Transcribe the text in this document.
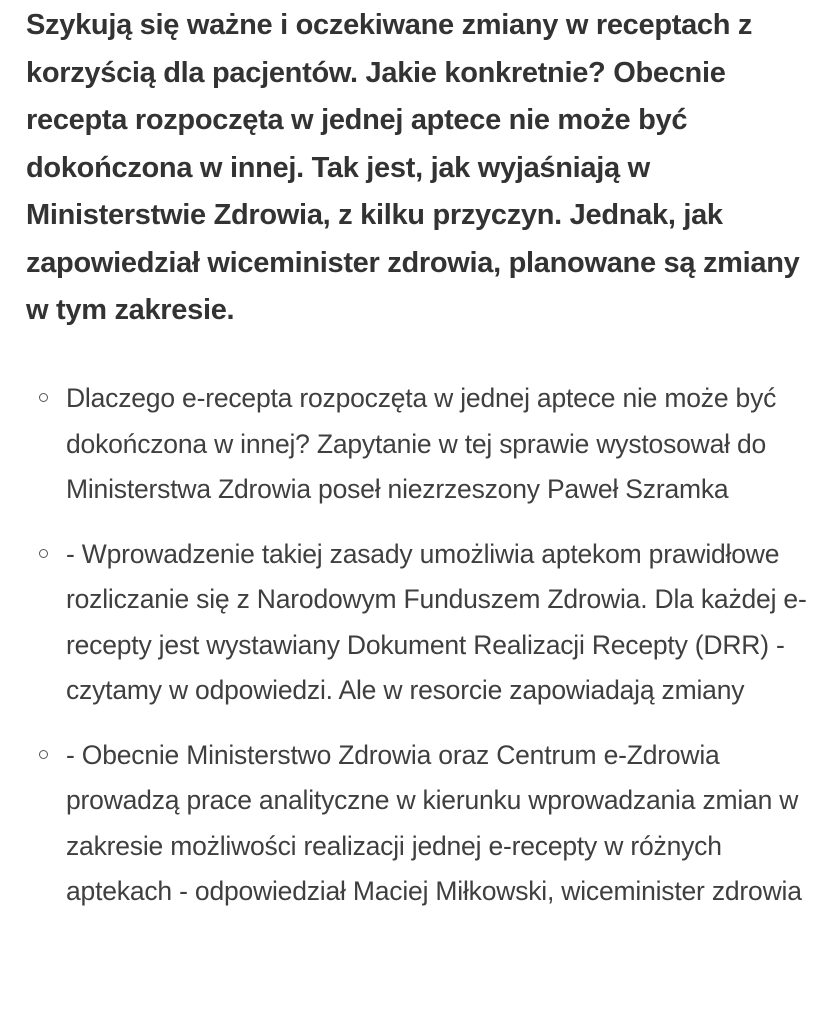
Szykują się ważne i oczekiwane zmiany w receptach z korzyścią dla pacjentów. Jakie konkretnie? Obecnie recepta rozpoczęta w jednej aptece nie może być dokończona w innej. Tak jest, jak wyjaśniają w Ministerstwie Zdrowia, z kilku przyczyn. Jednak, jak zapowiedział wiceminister zdrowia, planowane są zmiany w tym zakresie.

Dlaczego e-recepta rozpoczęta w jednej aptece nie może być dokończona w innej? Zapytanie w tej sprawie wystosował do Ministerstwa Zdrowia poseł niezrzeszony Paweł Szramka
- Wprowadzenie takiej zasady umożliwia aptekom prawidłowe rozliczanie się z Narodowym Funduszem Zdrowia. Dla każdej e-recepty jest wystawiany Dokument Realizacji Recepty (DRR) - czytamy w odpowiedzi. Ale w resorcie zapowiadają zmiany
- Obecnie Ministerstwo Zdrowia oraz Centrum e-Zdrowia prowadzą prace analityczne w kierunku wprowadzania zmian w zakresie możliwości realizacji jednej e-recepty w różnych aptekach - odpowiedział Maciej Miłkowski, wiceminister zdrowia
